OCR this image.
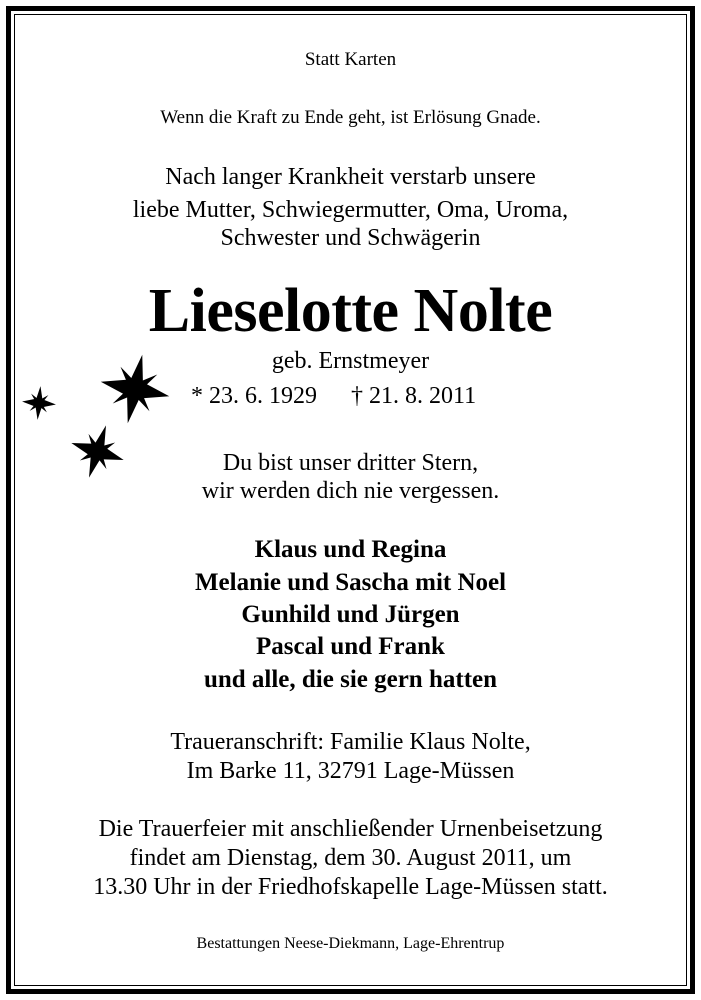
Statt Karten
Wenn die Kraft zu Ende geht, ist Erlösung Gnade.
Nach langer Krankheit verstarb unsere
liebe Mutter, Schwiegermutter, Oma, Uroma,
Schwester und Schwägerin
Lieselotte Nolte
geb. Ernstmeyer
* 23. 6. 1929 † 21. 8. 2011
Du bist unser dritter Stern,
wir werden dich nie vergessen.
Klaus und Regina
Melanie und Sascha mit Noel
Gunhild und Jürgen
Pascal und Frank
und alle, die sie gern hatten
Traueranschrift: Familie Klaus Nolte,
Im Barke 11, 32791 Lage-Müssen
Die Trauerfeier mit anschließender Urnenbeisetzung
findet am Dienstag, dem 30. August 2011, um
13.30 Uhr in der Friedhofskapelle Lage-Müssen statt.
Bestattungen Neese-Diekmann, Lage-Ehrentrup
